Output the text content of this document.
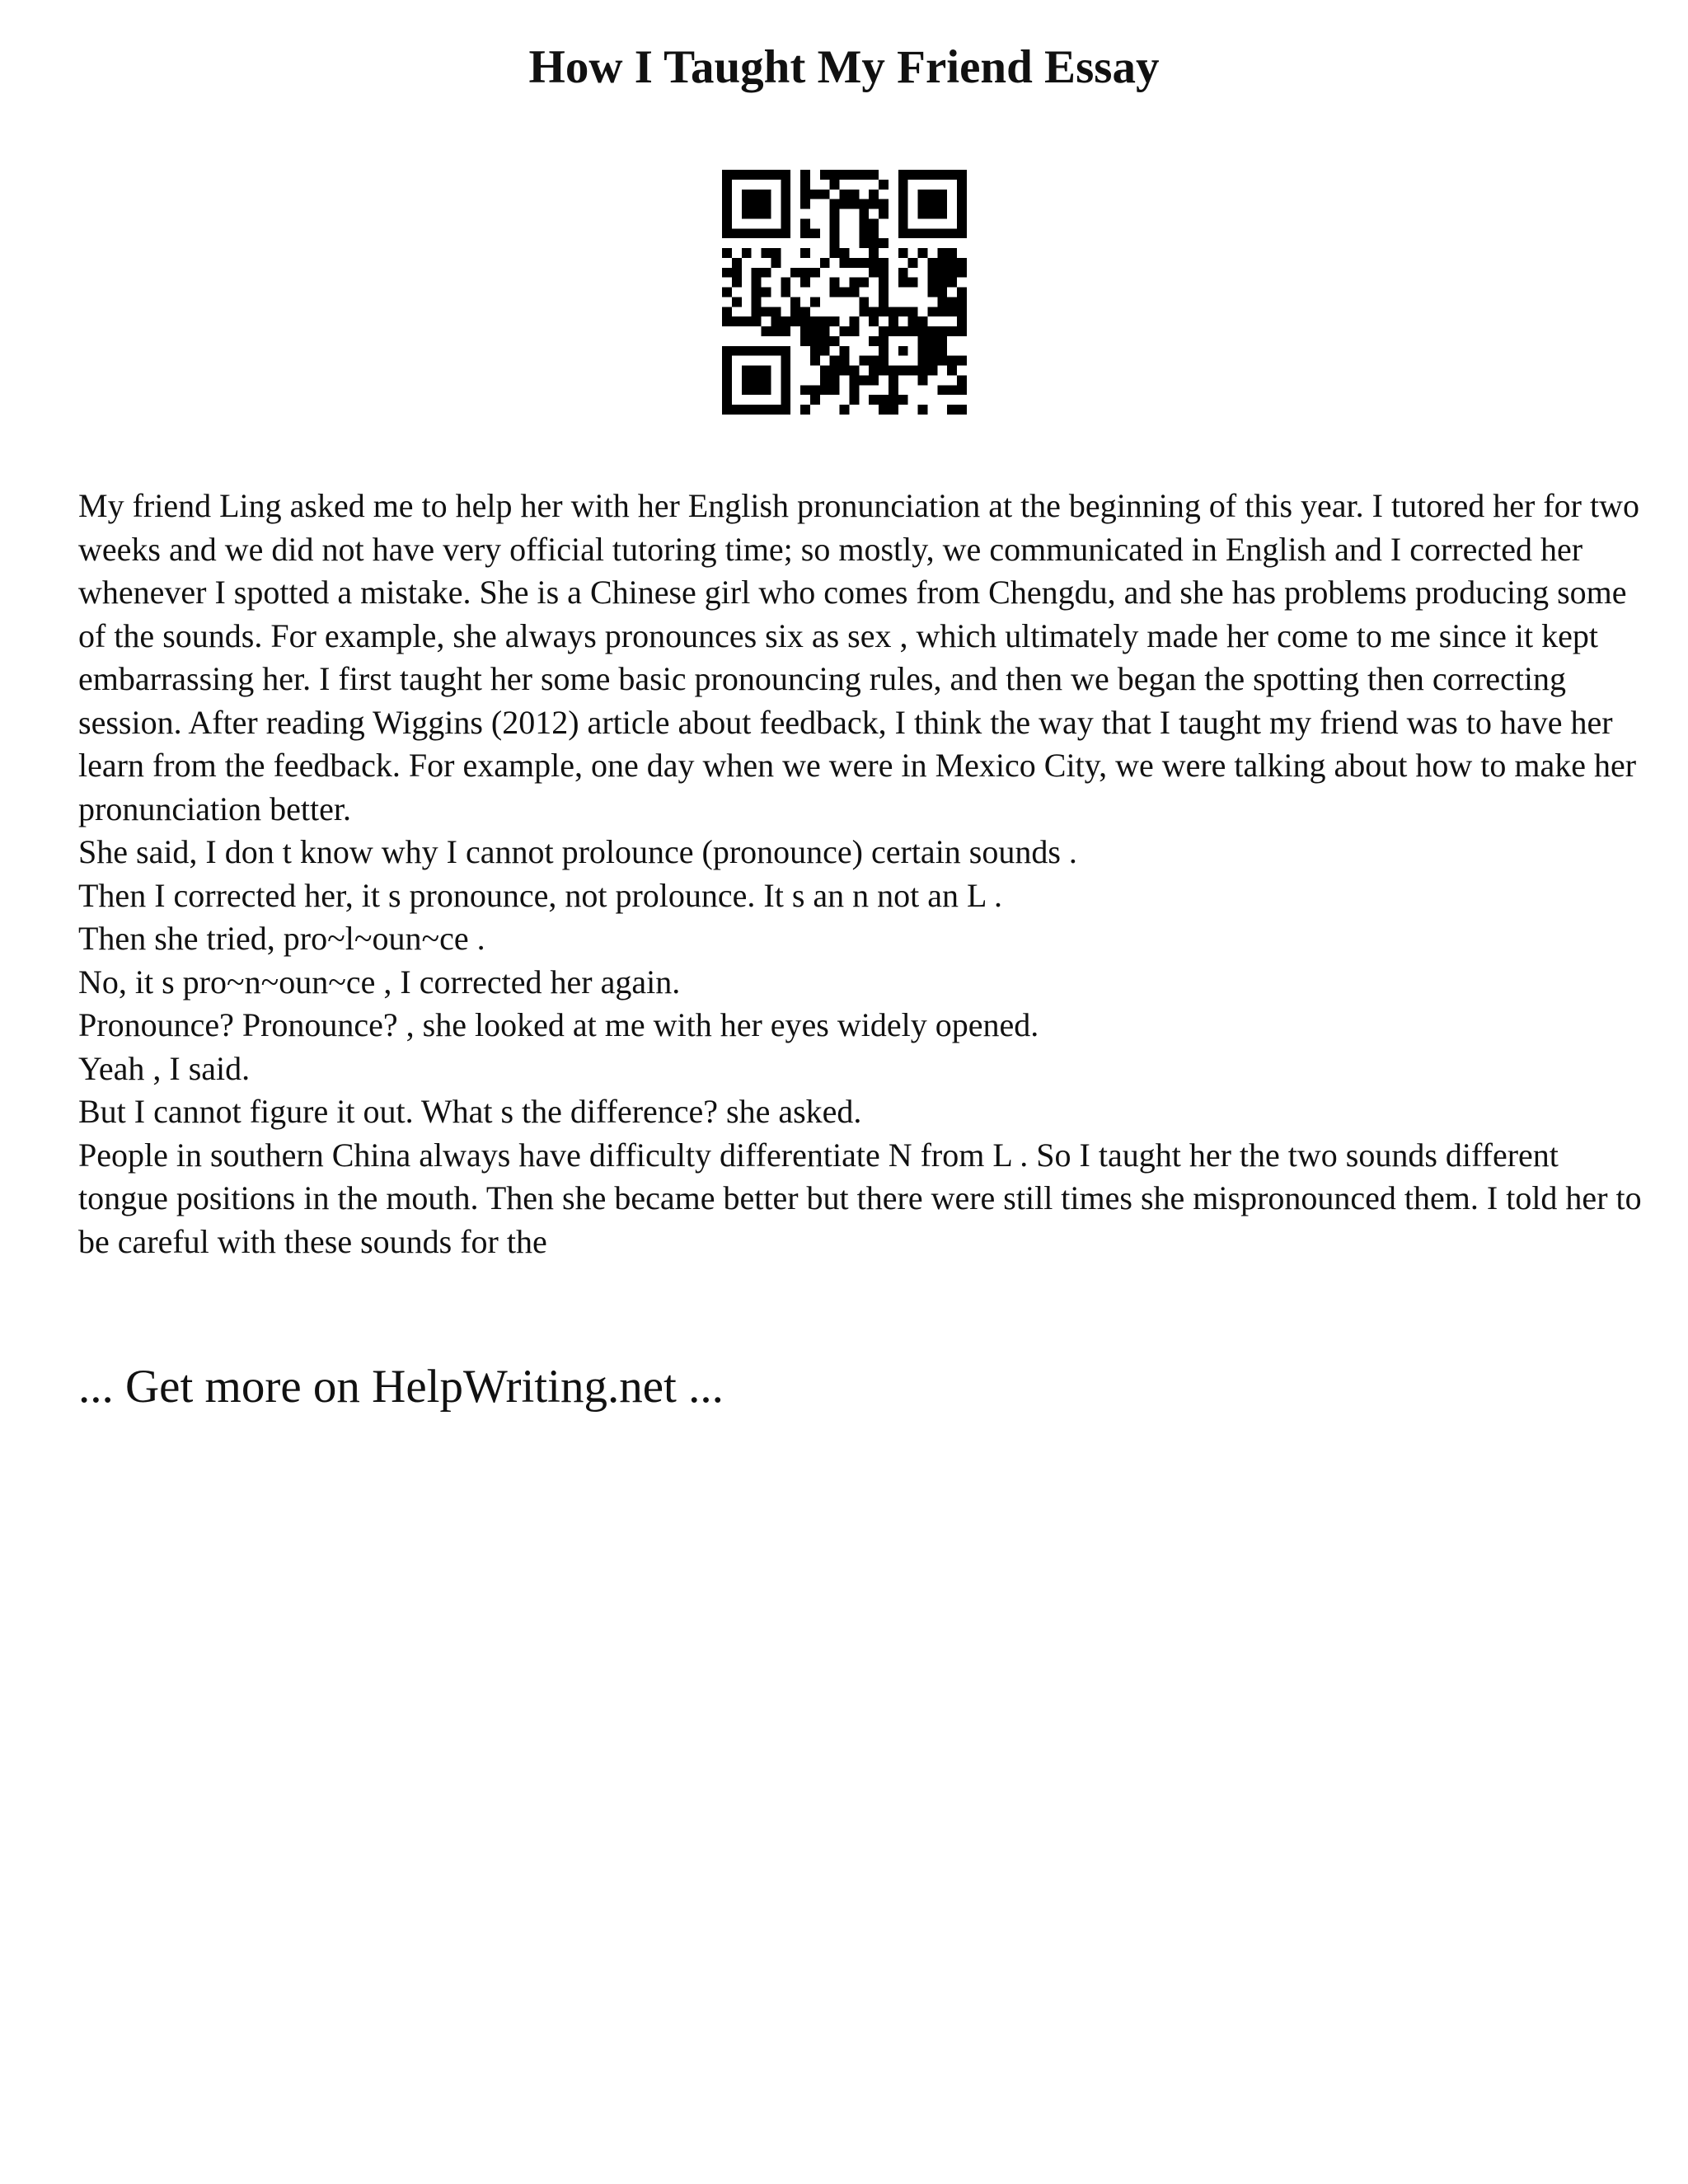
How I Taught My Friend Essay

My friend Ling asked me to help her with her English pronunciation at the beginning of this year. I tutored her for two weeks and we did not have very official tutoring time; so mostly, we communicated in English and I corrected her whenever I spotted a mistake. She is a Chinese girl who comes from Chengdu, and she has problems producing some of the sounds. For example, she always pronounces six as sex , which ultimately made her come to me since it kept embarrassing her. I first taught her some basic pronouncing rules, and then we began the spotting then correcting session. After reading Wiggins (2012) article about feedback, I think the way that I taught my friend was to have her learn from the feedback. For example, one day when we were in Mexico City, we were talking about how to make her pronunciation better.

She said, I don t know why I cannot prolounce (pronounce) certain sounds .

Then I corrected her, it s pronounce, not prolounce. It s an n not an L .

Then she tried, pro~l~oun~ce .

No, it s pro~n~oun~ce , I corrected her again.

Pronounce? Pronounce? , she looked at me with her eyes widely opened.

Yeah , I said.

But I cannot figure it out. What s the difference? she asked.

People in southern China always have difficulty differentiate N from L . So I taught her the two sounds different tongue positions in the mouth. Then she became better but there were still times she mispronounced them. I told her to be careful with these sounds for the

... Get more on HelpWriting.net ...
